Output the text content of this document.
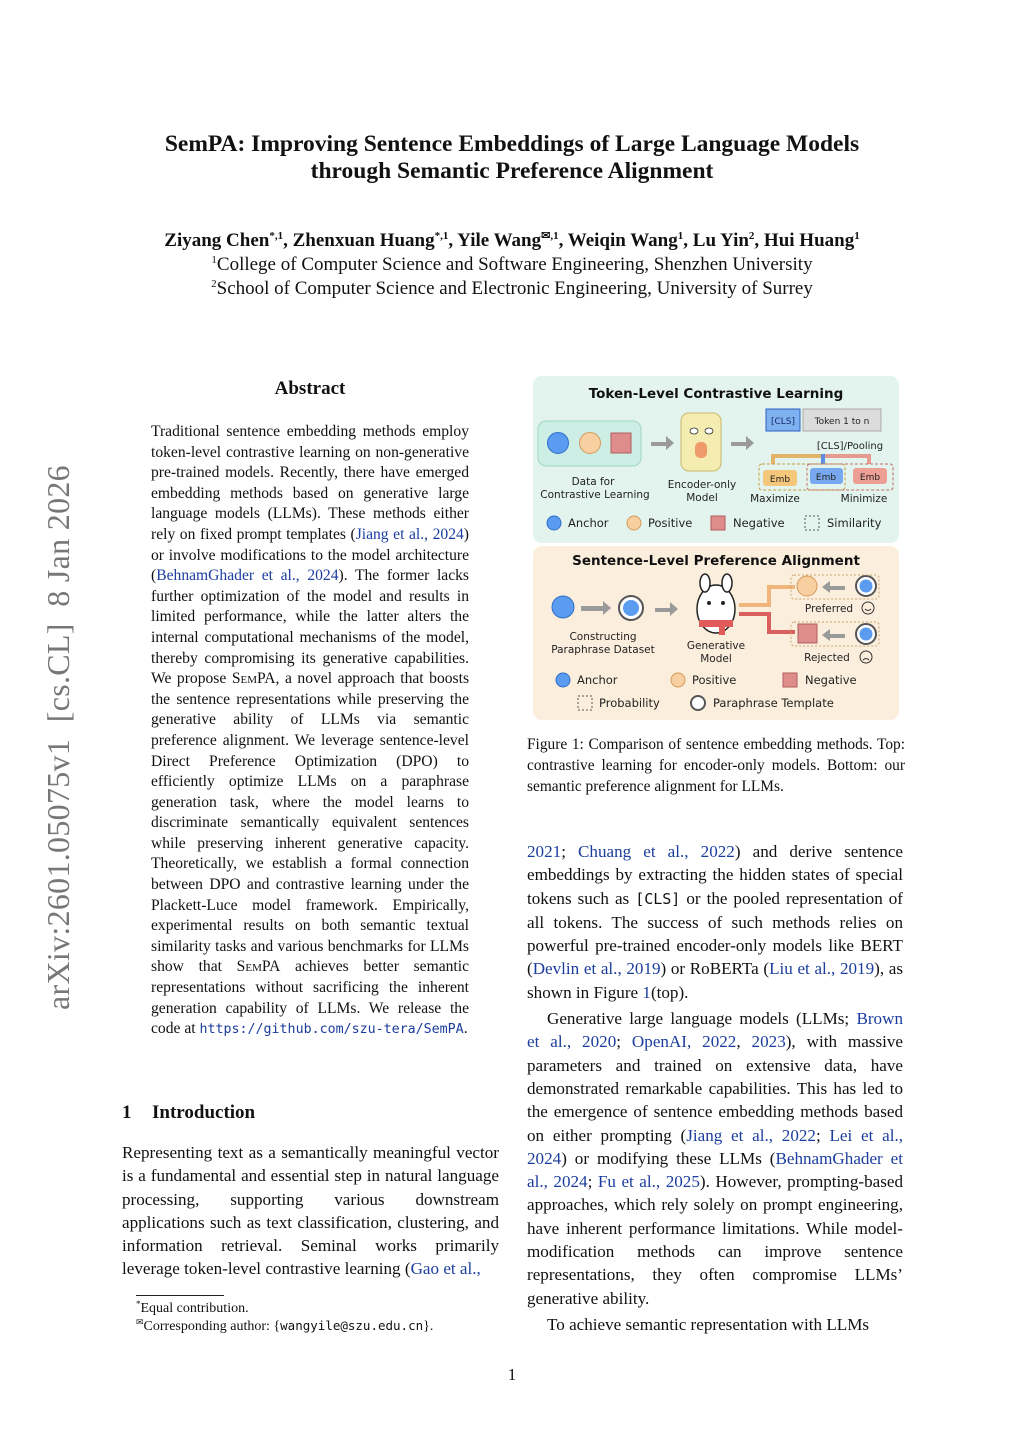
SemPA: Improving Sentence Embeddings of Large Language Models
through Semantic Preference Alignment
Ziyang Chen$^{*,1}$, Zhenxuan Huang$^{*,1}$, Yile Wang$^{✉,1}$, Weiqin Wang$^1$, Lu Yin$^2$, Hui Huang$^1$
$^1$College of Computer Science and Software Engineering, Shenzhen University
$^2$School of Computer Science and Electronic Engineering, University of Surrey
arXiv:2601.05075v1  [cs.CL]  8 Jan 2026
Abstract
Traditional sentence embedding methods employ token-level contrastive learning on non-generative pre-trained models. Recently, there have emerged embedding methods based on generative large language models (LLMs). These methods either rely on fixed prompt templates (Jiang et al., 2024) or involve modifications to the model architecture (BehnamGhader et al., 2024). The former lacks further optimization of the model and results in limited performance, while the latter alters the internal computational mechanisms of the model, thereby compromising its generative capabilities. We propose SemPA, a novel approach that boosts the sentence representations while preserving the generative ability of LLMs via semantic preference alignment. We leverage sentence-level Direct Preference Optimization (DPO) to efficiently optimize LLMs on a paraphrase generation task, where the model learns to discriminate semantically equivalent sentences while preserving inherent generative capacity. Theoretically, we establish a formal connection between DPO and contrastive learning under the Plackett-Luce model framework. Empirically, experimental results on both semantic textual similarity tasks and various benchmarks for LLMs show that SemPA achieves better semantic representations without sacrificing the inherent generation capability of LLMs. We release the code at https://github.com/szu-tera/SemPA.
1 Introduction
Representing text as a semantically meaningful vector is a fundamental and essential step in natural language processing, supporting various downstream applications such as text classification, clustering, and information retrieval. Seminal works primarily leverage token-level contrastive learning (Gao et al.,
*Equal contribution.
✉Corresponding author: {wangyile@szu.edu.cn}.
Token-Level Contrastive Learning
Data for
Contrastive Learning
Encoder-only
Model
[CLS] Token 1 to n
[CLS]/Pooling
Emb	Emb	Emb
Maximize	Minimize
Anchor	Positive	Negative	Similarity
Sentence-Level Preference Alignment
Constructing
Paraphrase Dataset	Generative
Model
Preferred
Rejected
Anchor	Positive	Negative
Probability	Paraphrase Template
Figure 1: Comparison of sentence embedding methods. Top: contrastive learning for encoder-only models. Bottom: our semantic preference alignment for LLMs.

2021; Chuang et al., 2022) and derive sentence embeddings by extracting the hidden states of special tokens such as [CLS] or the pooled representation of all tokens. The success of such methods relies on powerful pre-trained encoder-only models like BERT (Devlin et al., 2019) or RoBERTa (Liu et al., 2019), as shown in Figure 1(top).

Generative large language models (LLMs; Brown et al., 2020; OpenAI, 2022, 2023), with massive parameters and trained on extensive data, have demonstrated remarkable capabilities. This has led to the emergence of sentence embedding methods based on either prompting (Jiang et al., 2022; Lei et al., 2024) or modifying these LLMs (BehnamGhader et al., 2024; Fu et al., 2025). However, prompting-based approaches, which rely solely on prompt engineering, have inherent performance limitations. While model-modification methods can improve sentence representations, they often compromise LLMs’ generative ability.

To achieve semantic representation with LLMs

1
